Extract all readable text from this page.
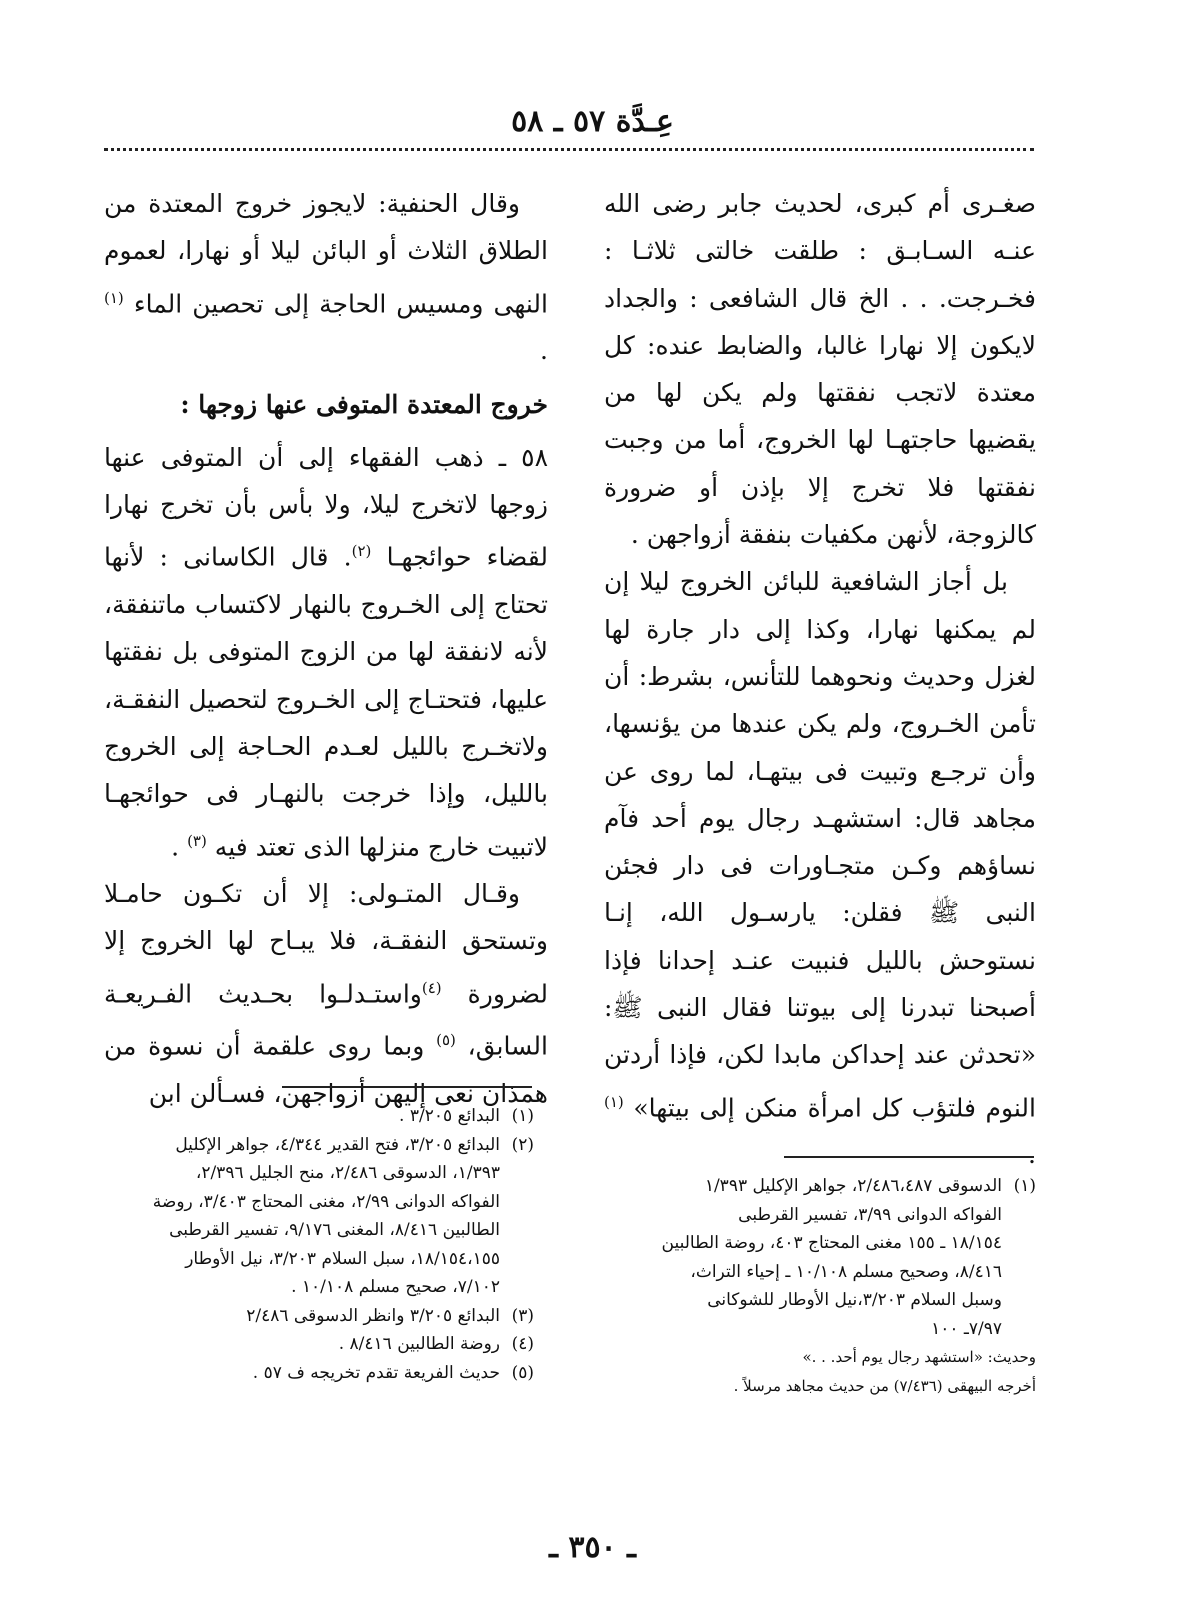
عِـدَّة ٥٧ ـ ٥٨

صغـرى أم كبرى، لحديث جابر رضى الله عنـه السـابـق : طلقت خالتى ثلاثـا : فخـرجت. . . الخ قال الشافعى : والجداد لايكون إلا نهارا غالبا، والضابط عنده: كل معتدة لاتجب نفقتها ولم يكن لها من يقضيها حاجتهـا لها الخروج، أما من وجبت نفقتها فلا تخرج إلا بإذن أو ضرورة كالزوجة، لأنهن مكفيات بنفقة أزواجهن .

بل أجاز الشافعية للبائن الخروج ليلا إن لم يمكنها نهارا، وكذا إلى دار جارة لها لغزل وحديث ونحوهما للتأنس، بشرط: أن تأمن الخـروج، ولم يكن عندها من يؤنسها، وأن ترجـع وتبيت فى بيتهـا، لما روى عن مجاهد قال: استشهـد رجال يوم أحد فآم نساؤهم وكـن متجـاورات فى دار فجئن النبى ﷺ فقلن: يارسـول الله، إنـا نستوحش بالليل فنبيت عنـد إحدانا فإذا أصبحنا تبدرنا إلى بيوتنا فقال النبى ﷺ: «تحدثن عند إحداكن مابدا لكن، فإذا أردتن النوم فلتؤب كل امرأة منكن إلى بيتها» $^{(١)}$ .

وقال الحنفية: لايجوز خروج المعتدة من الطلاق الثلاث أو البائن ليلا أو نهارا، لعموم النهى ومسيس الحاجة إلى تحصين الماء $^{(١)}$ .

خروج المعتدة المتوفى عنها زوجها :

٥٨ ـ ذهب الفقهاء إلى أن المتوفى عنها زوجها لاتخرج ليلا، ولا بأس بأن تخرج نهارا لقضاء حوائجهـا $^{(٢)}$. قال الكاسانى : لأنها تحتاج إلى الخـروج بالنهار لاكتساب ماتنفقة، لأنه لانفقة لها من الزوج المتوفى بل نفقتها عليها، فتحتـاج إلى الخـروج لتحصيل النفقـة، ولاتخـرج بالليل لعـدم الحـاجة إلى الخروج بالليل، وإذا خرجت بالنهـار فى حوائجهـا لاتبيت خارج منزلها الذى تعتد فيه $^{(٣)}$ .

وقـال المتـولى: إلا أن تكـون حامـلا وتستحق النفقـة، فلا يبـاح لها الخروج إلا لضرورة $^{(٤)}$واستـدلـوا بحـديث الفـريعـة السابق، $^{(٥)}$ وبما روى علقمة أن نسوة من همذان نعى إليهن أزواجهن، فسـألن ابن

(١)البدائع ٣/٢٠٥ .

(٢)البدائع ٣/٢٠٥، فتح القدير ٤/٣٤٤، جواهر الإكليل

١/٣٩٣، الدسوقى ٢/٤٨٦، منح الجليل ٢/٣٩٦،

الفواكه الدوانى ٢/٩٩، مغنى المحتاج ٣/٤٠٣، روضة

الطالبين ٨/٤١٦، المغنى ٩/١٧٦، تفسير القرطبى

١٨/١٥٤،١٥٥، سبل السلام ٣/٢٠٣، نيل الأوطار

٧/١٠٢، صحيح مسلم ١٠/١٠٨ .

(٣)البدائع ٣/٢٠٥ وانظر الدسوقى ٢/٤٨٦

(٤)روضة الطالبين ٨/٤١٦ .

(٥)حديث الفريعة تقدم تخريجه ف ٥٧ .

(١)الدسوقى ٢/٤٨٦،٤٨٧، جواهر الإكليل ١/٣٩٣

الفواكه الدوانى ٣/٩٩، تفسير القرطبى

١٨/١٥٤ ـ ١٥٥ مغنى المحتاج ٤٠٣، روضة الطالبين

٨/٤١٦، وصحيح مسلم ١٠/١٠٨ ـ إحياء التراث،

وسبل السلام ٣/٢٠٣،نيل الأوطار للشوكانى

٧/٩٧ـ ١٠٠

وحديث: «استشهد رجال يوم أحد. . .»

أخرجه البيهقى (٧/٤٣٦) من حديث مجاهد مرسلاً .

ـ ٣٥٠ ـ
